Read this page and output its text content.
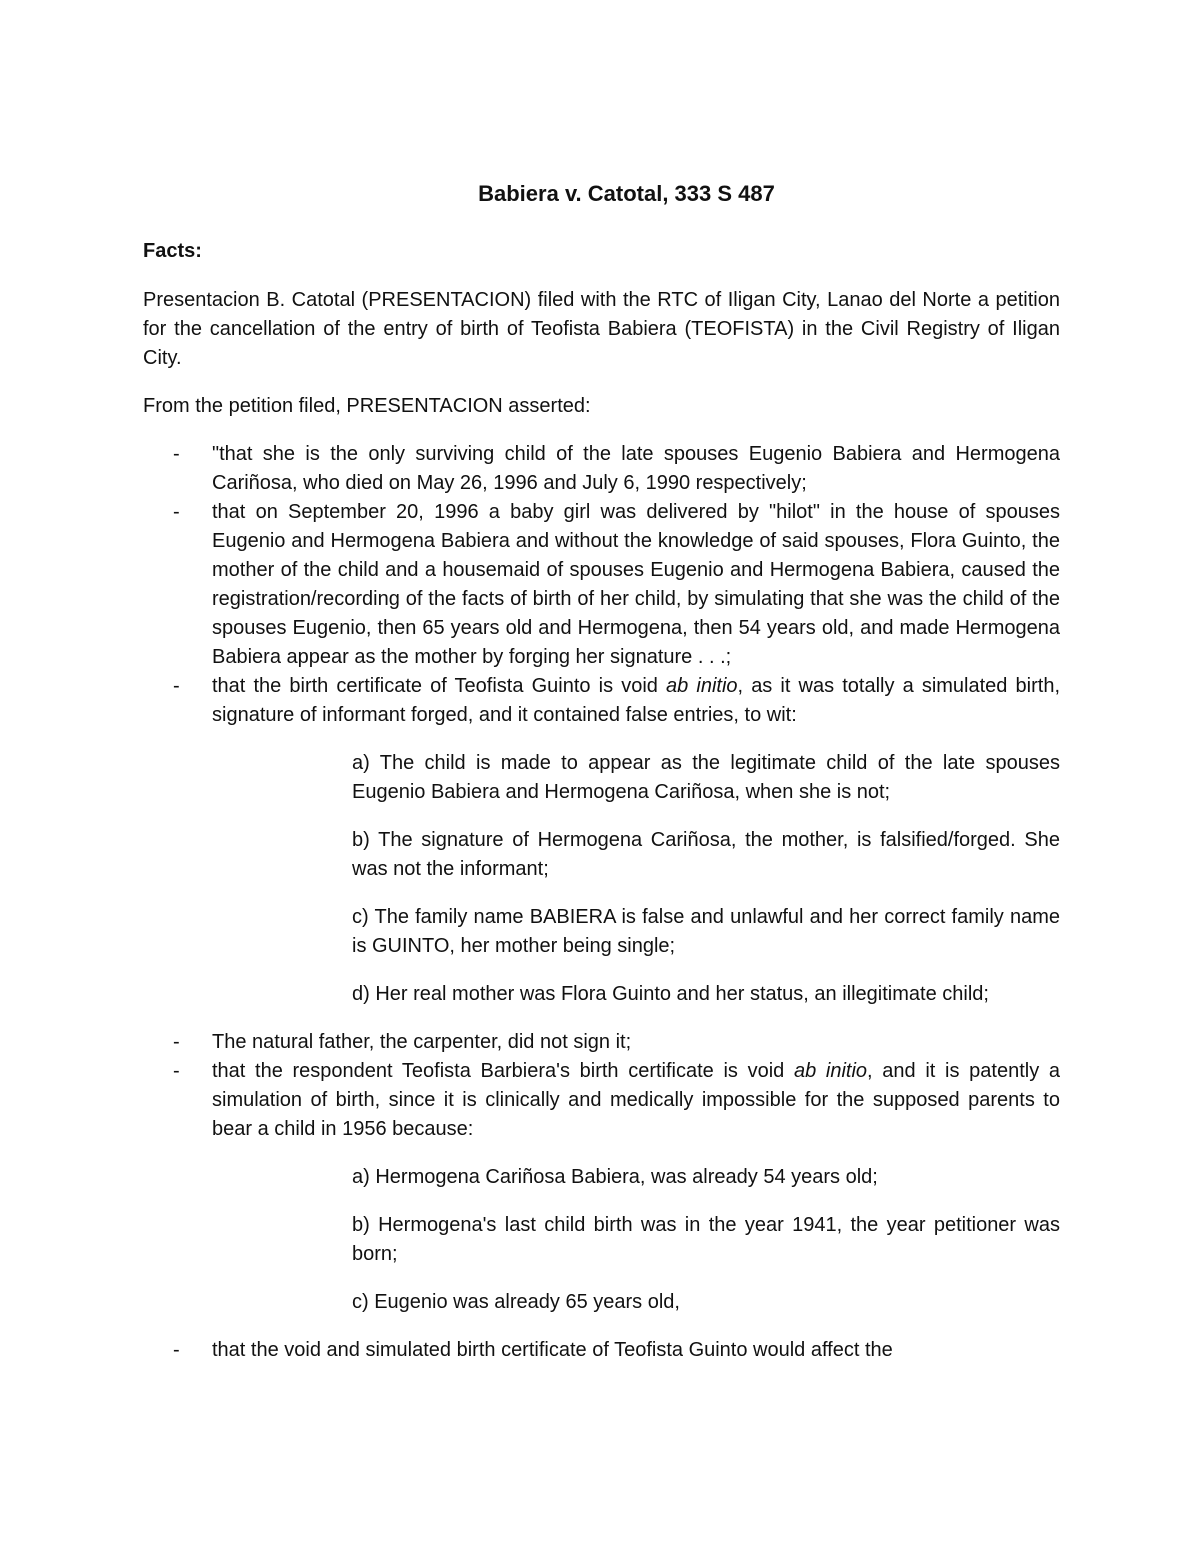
Babiera v. Catotal, 333 S 487
Facts:

Presentacion B. Catotal (PRESENTACION) filed with the RTC of Iligan City, Lanao del Norte a petition for the cancellation of the entry of birth of Teofista Babiera (TEOFISTA) in the Civil Registry of Iligan City.

From the petition filed, PRESENTACION asserted:

- "that she is the only surviving child of the late spouses Eugenio Babiera and Hermogena Cariñosa, who died on May 26, 1996 and July 6, 1990 respectively;
- that on September 20, 1996 a baby girl was delivered by "hilot" in the house of spouses Eugenio and Hermogena Babiera and without the knowledge of said spouses, Flora Guinto, the mother of the child and a housemaid of spouses Eugenio and Hermogena Babiera, caused the registration/recording of the facts of birth of her child, by simulating that she was the child of the spouses Eugenio, then 65 years old and Hermogena, then 54 years old, and made Hermogena Babiera appear as the mother by forging her signature . . .;
- that the birth certificate of Teofista Guinto is void ab initio, as it was totally a simulated birth, signature of informant forged, and it contained false entries, to wit:

a) The child is made to appear as the legitimate child of the late spouses Eugenio Babiera and Hermogena Cariñosa, when she is not;

b) The signature of Hermogena Cariñosa, the mother, is falsified/forged. She was not the informant;

c) The family name BABIERA is false and unlawful and her correct family name is GUINTO, her mother being single;

d) Her real mother was Flora Guinto and her status, an illegitimate child;

- The natural father, the carpenter, did not sign it;
- that the respondent Teofista Barbiera's birth certificate is void ab initio, and it is patently a simulation of birth, since it is clinically and medically impossible for the supposed parents to bear a child in 1956 because:

a) Hermogena Cariñosa Babiera, was already 54 years old;

b) Hermogena's last child birth was in the year 1941, the year petitioner was born;

c) Eugenio was already 65 years old,

- that the void and simulated birth certificate of Teofista Guinto would affect the
